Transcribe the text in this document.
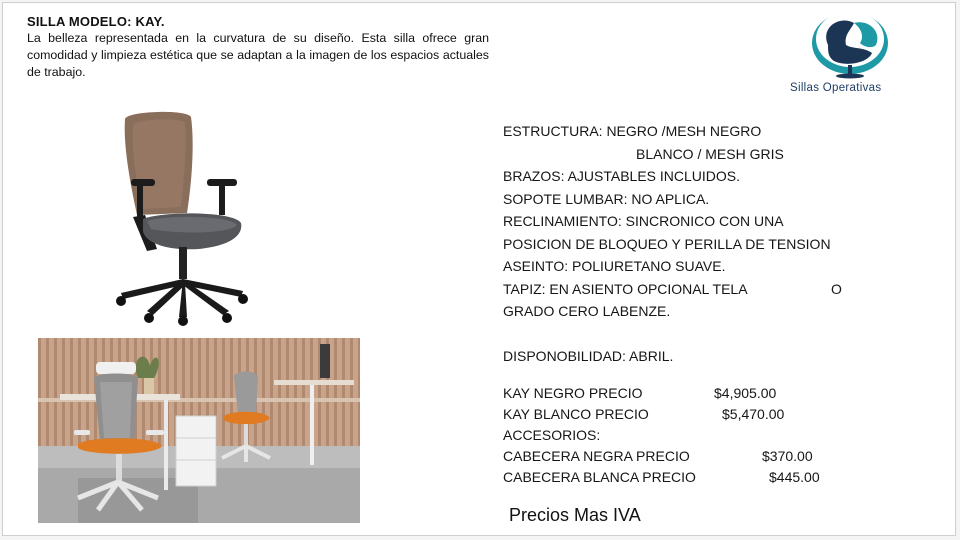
SILLA MODELO: KAY.
La belleza representada en la curvatura de su diseño. Esta silla ofrece gran comodidad y limpieza estética que se adaptan a la imagen de los espacios actuales de trabajo.
Sillas Operativas
ESTRUCTURA: NEGRO /MESH NEGRO
BLANCO / MESH GRIS
BRAZOS: AJUSTABLES INCLUIDOS.
SOPOTE LUMBAR: NO APLICA.
RECLINAMIENTO: SINCRONICO CON UNA
POSICION DE BLOQUEO Y PERILLA DE TENSION
ASEINTO: POLIURETANO SUAVE.
TAPIZ: EN ASIENTO OPCIONAL TELA	O
GRADO CERO LABENZE.
DISPONOBILIDAD: ABRIL.
KAY NEGRO PRECIO	$4,905.00
KAY BLANCO PRECIO	$5,470.00
ACCESORIOS:
CABECERA NEGRA PRECIO	$370.00
CABECERA BLANCA PRECIO	$445.00
Precios Mas IVA
